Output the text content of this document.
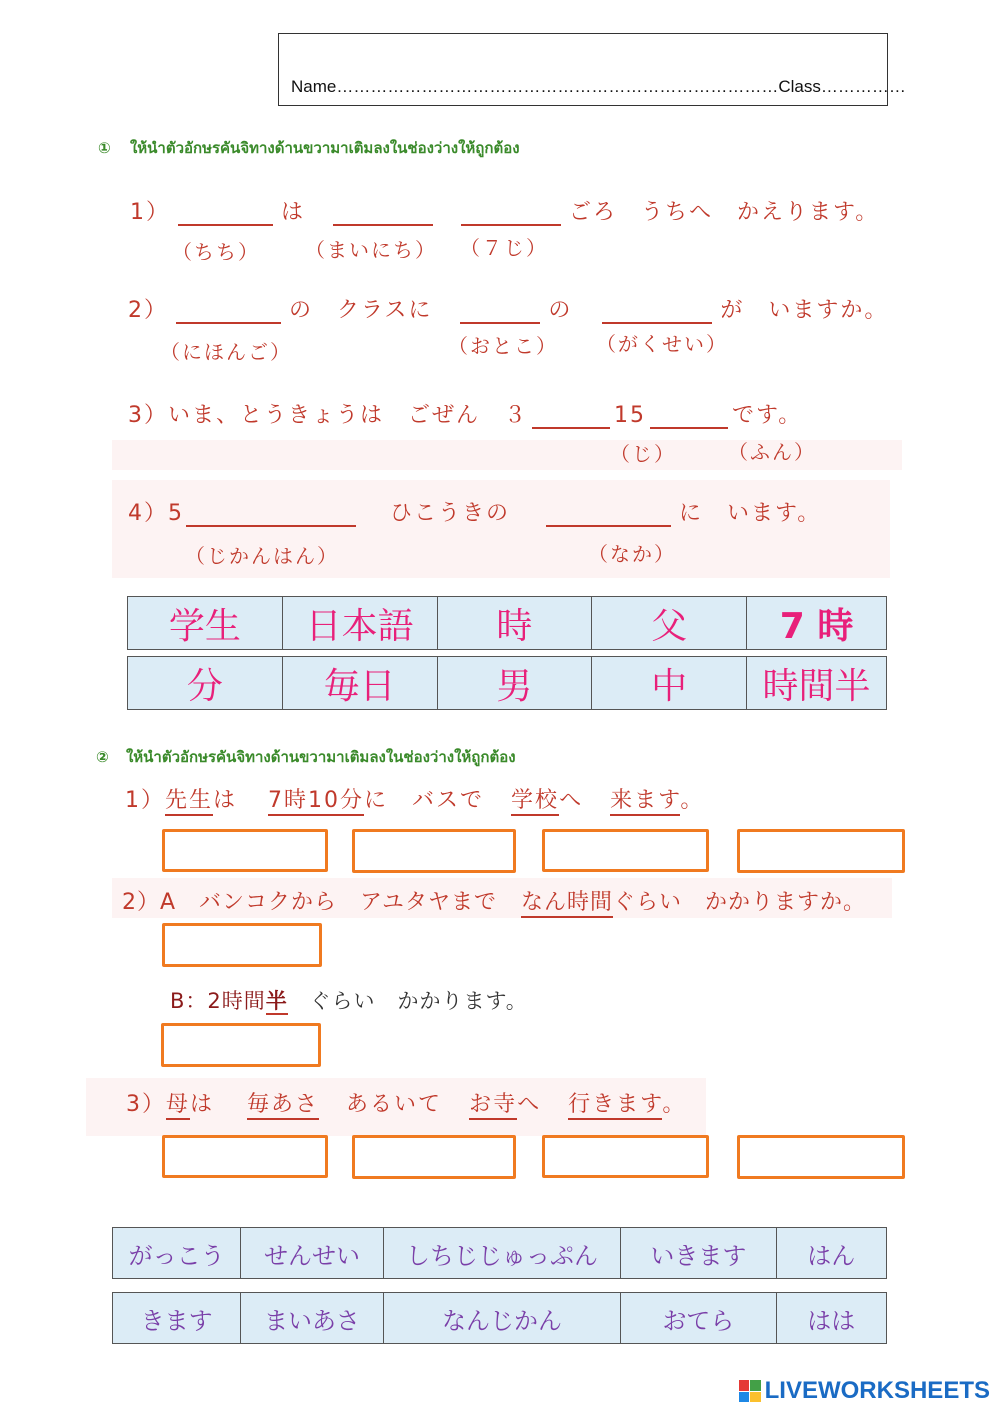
Name……………………………………………………………………Class……………
① ให้นำตัวอักษรคันจิทางด้านขวามาเติมลงในช่องว่างให้ถูกต้อง
1）	は	ごろ　うちへ　かえります。
（ちち） （まいにち） （７じ）
2）	の　クラスに	の	が　いますか。
（にほんご）	（おとこ） （がくせい）
3）いま、とうきょうは　ごぜん　３	15	です。
（じ）	（ふん）
4）5	ひこうきの	に　います。
（じかんはん）	（なか）
学生	日本語	時	父	7 時
分	毎日	男	中	時間半
② ให้นำตัวอักษรคันจิทางด้านขวามาเติมลงในช่องว่างให้ถูกต้อง
1）先生は 7時10分に　バスで 学校へ 来ます。
2）A　バンコクから　アユタヤまで なん時間ぐらい　かかりますか。
B：2時間半 ぐらい　かかります。
3）母は 毎あさ あるいて お寺へ 行きます。
がっこう	せんせい	しちじじゅっぷん	いきます	はん
きます	まいあさ	なんじかん	おてら	はは
LIVEWORKSHEETS
